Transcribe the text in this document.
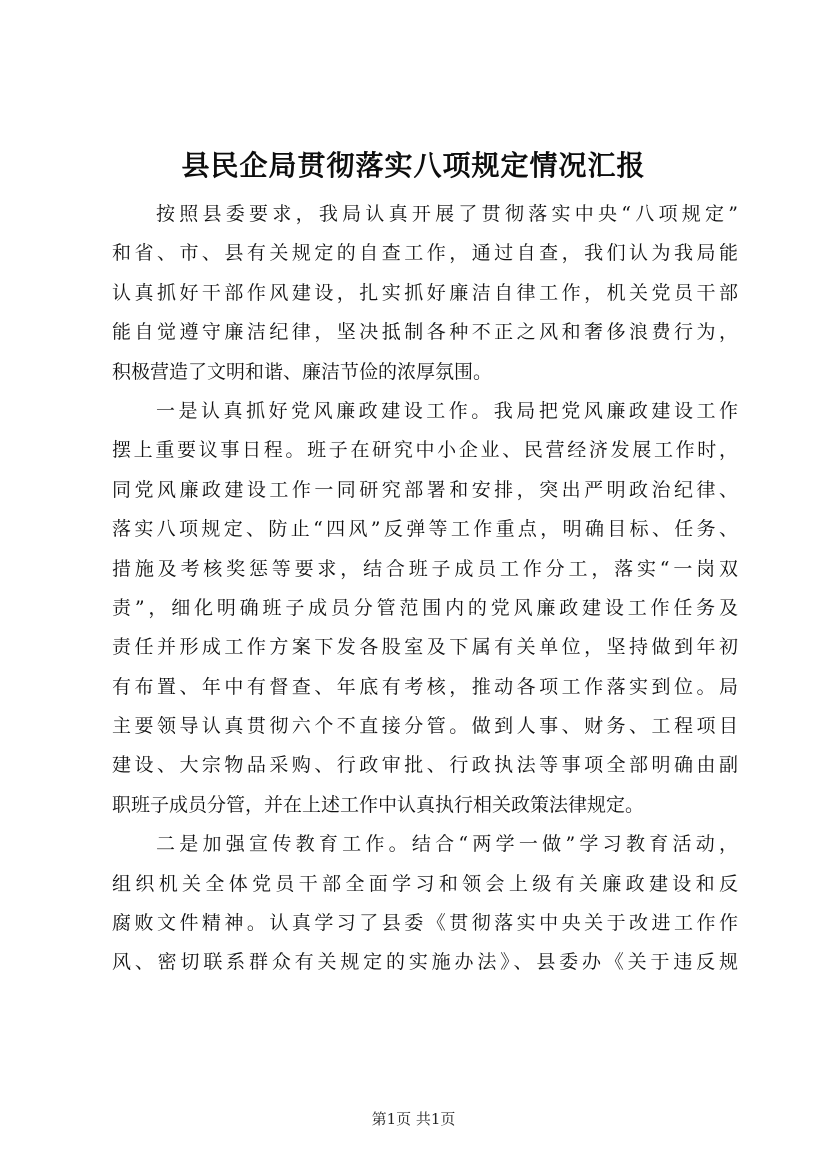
县民企局贯彻落实八项规定情况汇报
按照县委要求，我局认真开展了贯彻落实中央“八项规定”
和省、市、县有关规定的自查工作，通过自查，我们认为我局能
认真抓好干部作风建设，扎实抓好廉洁自律工作，机关党员干部
能自觉遵守廉洁纪律，坚决抵制各种不正之风和奢侈浪费行为，
积极营造了文明和谐、廉洁节俭的浓厚氛围。
一是认真抓好党风廉政建设工作。我局把党风廉政建设工作
摆上重要议事日程。班子在研究中小企业、民营经济发展工作时，
同党风廉政建设工作一同研究部署和安排，突出严明政治纪律、
落实八项规定、防止“四风”反弹等工作重点，明确目标、任务、
措施及考核奖惩等要求，结合班子成员工作分工，落实“一岗双
责”，细化明确班子成员分管范围内的党风廉政建设工作任务及
责任并形成工作方案下发各股室及下属有关单位，坚持做到年初
有布置、年中有督查、年底有考核，推动各项工作落实到位。局
主要领导认真贯彻六个不直接分管。做到人事、财务、工程项目
建设、大宗物品采购、行政审批、行政执法等事项全部明确由副
职班子成员分管，并在上述工作中认真执行相关政策法律规定。
二是加强宣传教育工作。结合“两学一做”学习教育活动，
组织机关全体党员干部全面学习和领会上级有关廉政建设和反
腐败文件精神。认真学习了县委《贯彻落实中央关于改进工作作
风、密切联系群众有关规定的实施办法》、县委办《关于违反规
第1页 共1页
